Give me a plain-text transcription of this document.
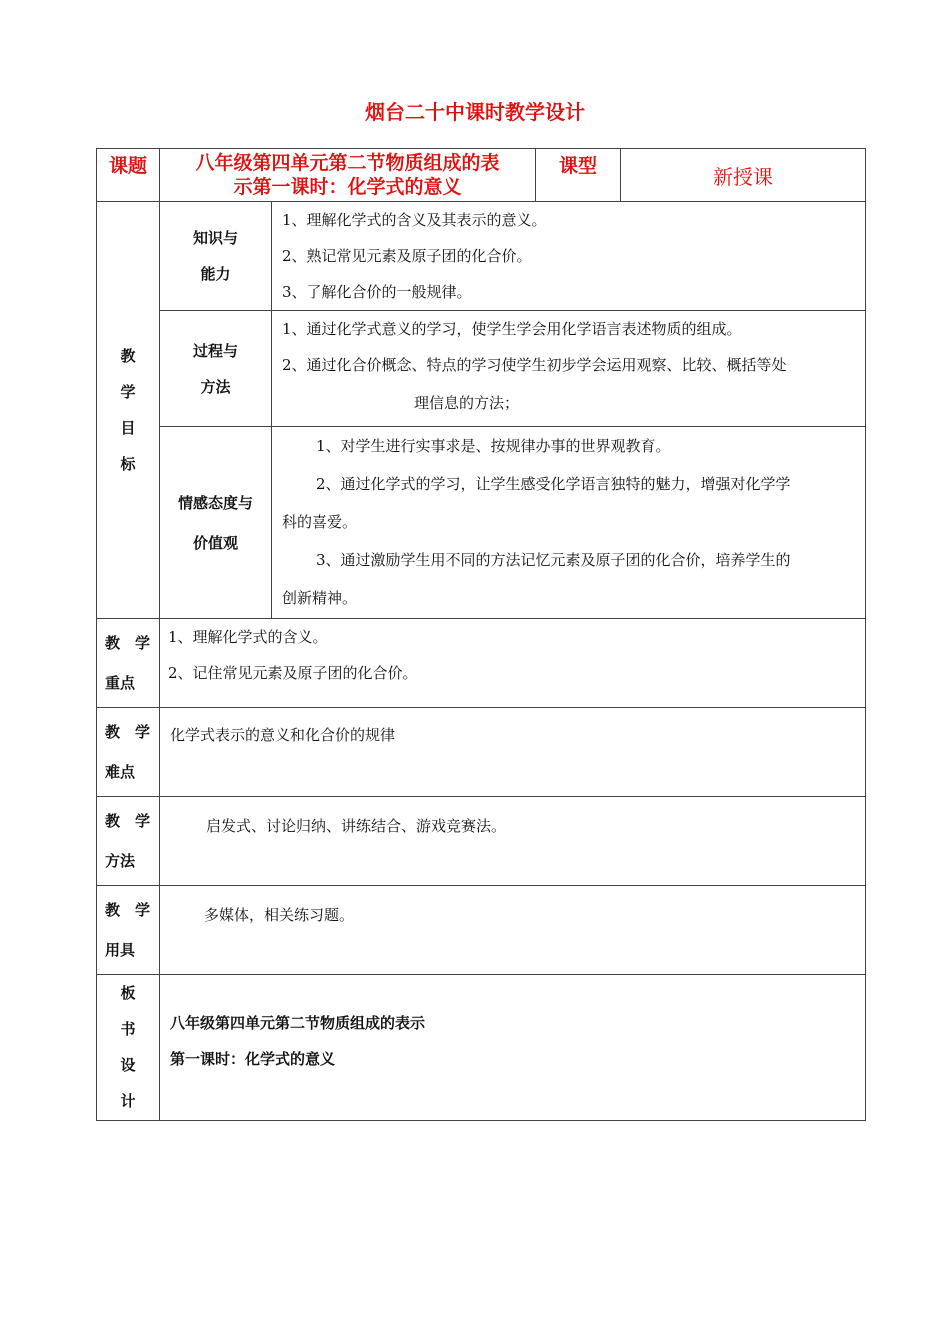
烟台二十中课时教学设计
课题	八年级第四单元第二节物质组成的表
示第一课时：化学式的意义		课型	新授课

教
学
目
标	知识与
能力	1、理解化学式的含义及其表示的意义。
2、熟记常见元素及原子团的化合价。
3、了解化合价的一般规律。		

	过程与
方法	1、通过化学式意义的学习，使学生学会用化学语言表述物质的组成。
2、通过化合价概念、特点的学习使学生初步学会运用观察、比较、概括等处
理信息的方法；		

	情感态度与
价值观	1、对学生进行实事求是、按规律办事的世界观教育。
2、通过化学式的学习，让学生感受化学语言独特的魅力，增强对化学学
科的喜爱。
3、通过激励学生用不同的方法记忆元素及原子团的化合价，培养学生的
创新精神。		

教　学
重点	1、理解化学式的含义。
2、记住常见元素及原子团的化合价。			

教　学
难点	化学式表示的意义和化合价的规律			

教　学
方法	启发式、讨论归纳、讲练结合、游戏竞赛法。			

教　学
用具	多媒体，相关练习题。			

板
书
设
计	八年级第四单元第二节物质组成的表示
第一课时：化学式的意义			
